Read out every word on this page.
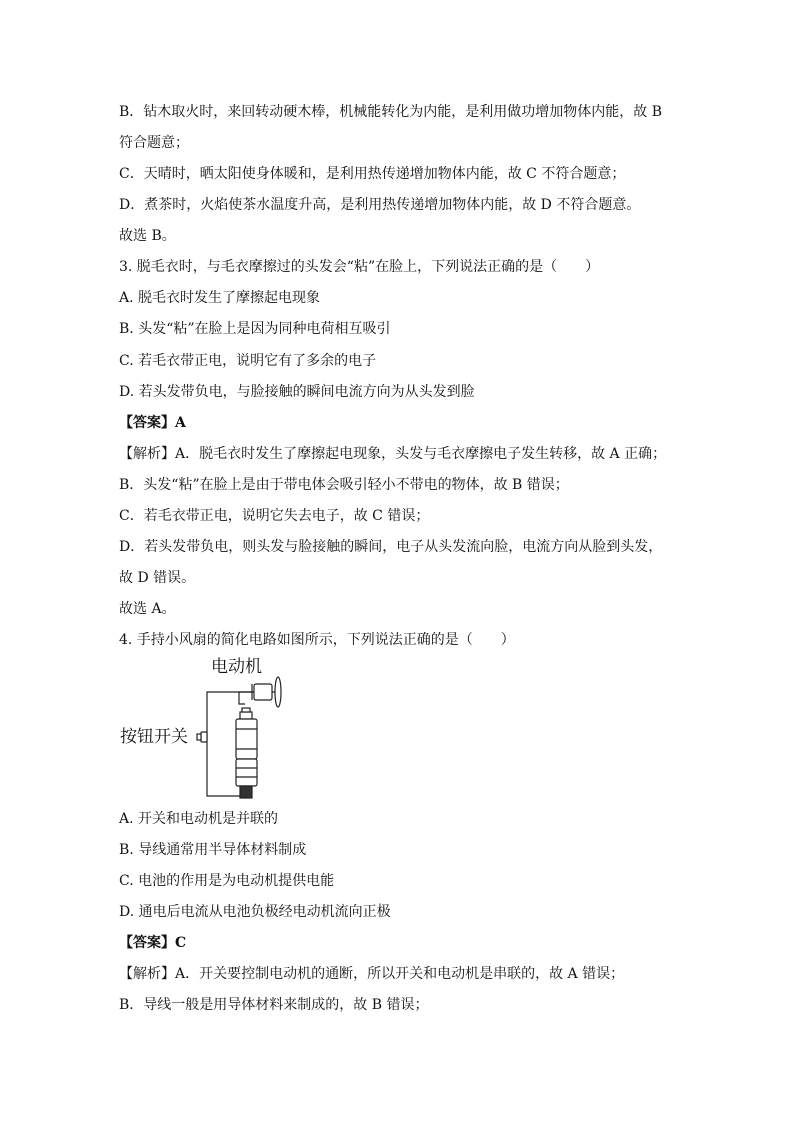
B．钻木取火时，来回转动硬木棒，机械能转化为内能，是利用做功增加物体内能，故 B
符合题意；
C．天晴时，晒太阳使身体暖和，是利用热传递增加物体内能，故 C 不符合题意；
D．煮茶时，火焰使茶水温度升高，是利用热传递增加物体内能，故 D 不符合题意。
故选 B。
3. 脱毛衣时，与毛衣摩擦过的头发会“粘”在脸上，下列说法正确的是（　　）
A. 脱毛衣时发生了摩擦起电现象
B. 头发“粘”在脸上是因为同种电荷相互吸引
C. 若毛衣带正电，说明它有了多余的电子
D. 若头发带负电，与脸接触的瞬间电流方向为从头发到脸
【答案】A
【解析】A．脱毛衣时发生了摩擦起电现象，头发与毛衣摩擦电子发生转移，故 A 正确；
B．头发“粘”在脸上是由于带电体会吸引轻小不带电的物体，故 B 错误；
C．若毛衣带正电，说明它失去电子，故 C 错误；
D．若头发带负电，则头发与脸接触的瞬间，电子从头发流向脸，电流方向从脸到头发，
故 D 错误。
故选 A。
4. 手持小风扇的简化电路如图所示，下列说法正确的是（　　）
电动机
按钮开关
A. 开关和电动机是并联的
B. 导线通常用半导体材料制成
C. 电池的作用是为电动机提供电能
D. 通电后电流从电池负极经电动机流向正极
【答案】C
【解析】A．开关要控制电动机的通断，所以开关和电动机是串联的，故 A 错误；
B．导线一般是用导体材料来制成的，故 B 错误；
